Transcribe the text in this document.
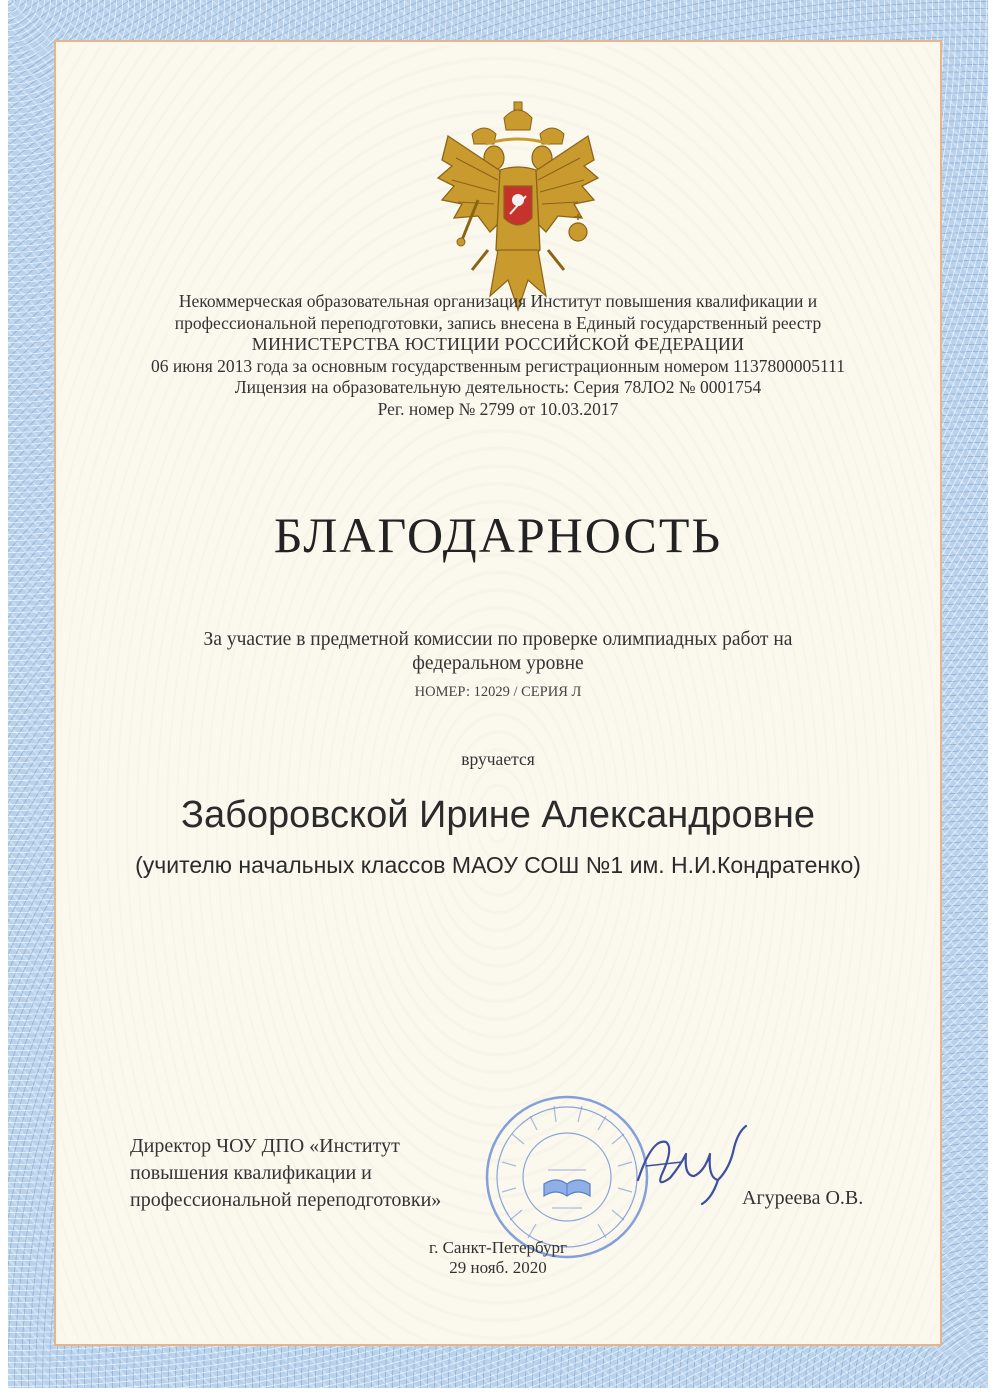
Некоммерческая образовательная организация Институт повышения квалификации и
профессиональной переподготовки, запись внесена в Единый государственный реестр
МИНИСТЕРСТВА ЮСТИЦИИ РОССИЙСКОЙ ФЕДЕРАЦИИ
06 июня 2013 года за основным государственным регистрационным номером 1137800005111
Лицензия на образовательную деятельность: Серия 78ЛО2 № 0001754
Рег. номер № 2799 от 10.03.2017
БЛАГОДАРНОСТЬ
За участие в предметной комиссии по проверке олимпиадных работ на
федеральном уровне
НОМЕР: 12029 / СЕРИЯ Л
вручается
Заборовской Ирине Александровне
(учителю начальных классов МАОУ СОШ №1 им. Н.И.Кондратенко)
Директор ЧОУ ДПО «Институт
повышения квалификации и
профессиональной переподготовки»	Агуреева О.В.
г. Санкт-Петербург
29 нояб. 2020
